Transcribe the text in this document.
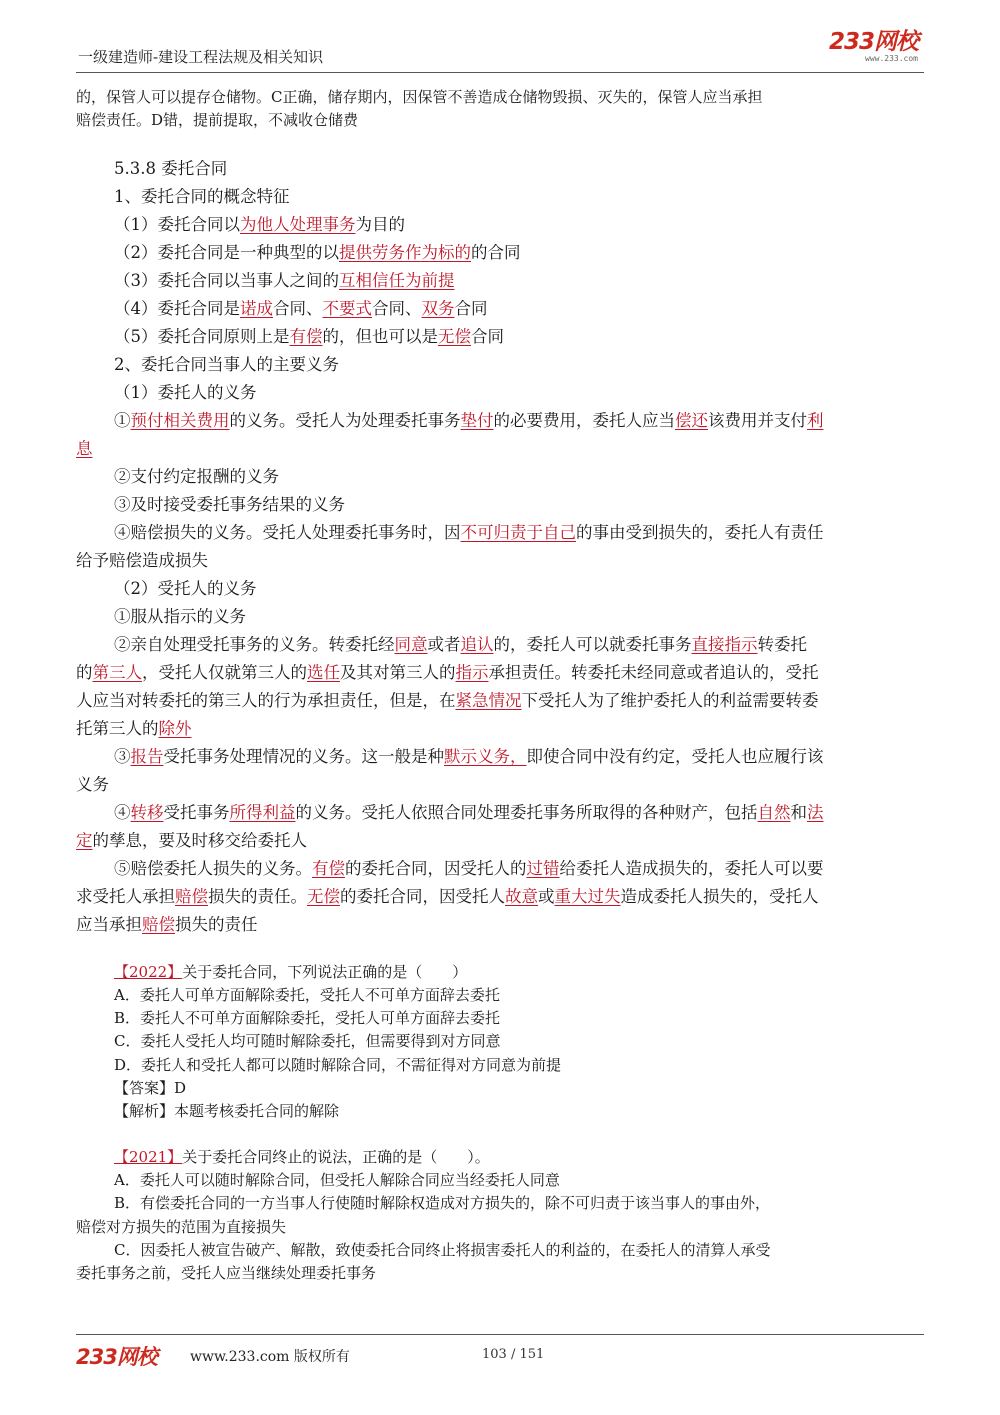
一级建造师-建设工程法规及相关知识
233网校
www.233.com

的，保管人可以提存仓储物。C正确，储存期内，因保管不善造成仓储物毁损、灭失的，保管人应当承担

赔偿责任。D错，提前提取，不减收仓储费

5.3.8 委托合同

1、委托合同的概念特征

（1）委托合同以为他人处理事务为目的

（2）委托合同是一种典型的以提供劳务作为标的的合同

（3）委托合同以当事人之间的互相信任为前提

（4）委托合同是诺成合同、不要式合同、双务合同

（5）委托合同原则上是有偿的，但也可以是无偿合同

2、委托合同当事人的主要义务

（1）委托人的义务

①预付相关费用的义务。受托人为处理委托事务垫付的必要费用，委托人应当偿还该费用并支付利

息

②支付约定报酬的义务

③及时接受委托事务结果的义务

④赔偿损失的义务。受托人处理委托事务时，因不可归责于自己的事由受到损失的，委托人有责任

给予赔偿造成损失

（2）受托人的义务

①服从指示的义务

②亲自处理受托事务的义务。转委托经同意或者追认的，委托人可以就委托事务直接指示转委托

的第三人，受托人仅就第三人的选任及其对第三人的指示承担责任。转委托未经同意或者追认的，受托

人应当对转委托的第三人的行为承担责任，但是，在紧急情况下受托人为了维护委托人的利益需要转委

托第三人的除外

③报告受托事务处理情况的义务。这一般是种默示义务，即使合同中没有约定，受托人也应履行该

义务

④转移受托事务所得利益的义务。受托人依照合同处理委托事务所取得的各种财产，包括自然和法

定的孳息，要及时移交给委托人

⑤赔偿委托人损失的义务。有偿的委托合同，因受托人的过错给委托人造成损失的，委托人可以要

求受托人承担赔偿损失的责任。无偿的委托合同，因受托人故意或重大过失造成委托人损失的，受托人

应当承担赔偿损失的责任

【2022】关于委托合同，下列说法正确的是（　　）

A．委托人可单方面解除委托，受托人不可单方面辞去委托

B．委托人不可单方面解除委托，受托人可单方面辞去委托

C．委托人受托人均可随时解除委托，但需要得到对方同意

D．委托人和受托人都可以随时解除合同，不需征得对方同意为前提

【答案】D

【解析】本题考核委托合同的解除

【2021】关于委托合同终止的说法，正确的是（　　）。

A．委托人可以随时解除合同，但受托人解除合同应当经委托人同意

B．有偿委托合同的一方当事人行使随时解除权造成对方损失的，除不可归责于该当事人的事由外，

赔偿对方损失的范围为直接损失

C．因委托人被宣告破产、解散，致使委托合同终止将损害委托人的利益的，在委托人的清算人承受

委托事务之前，受托人应当继续处理委托事务

233网校 www.233.com 版权所有	103 / 151
